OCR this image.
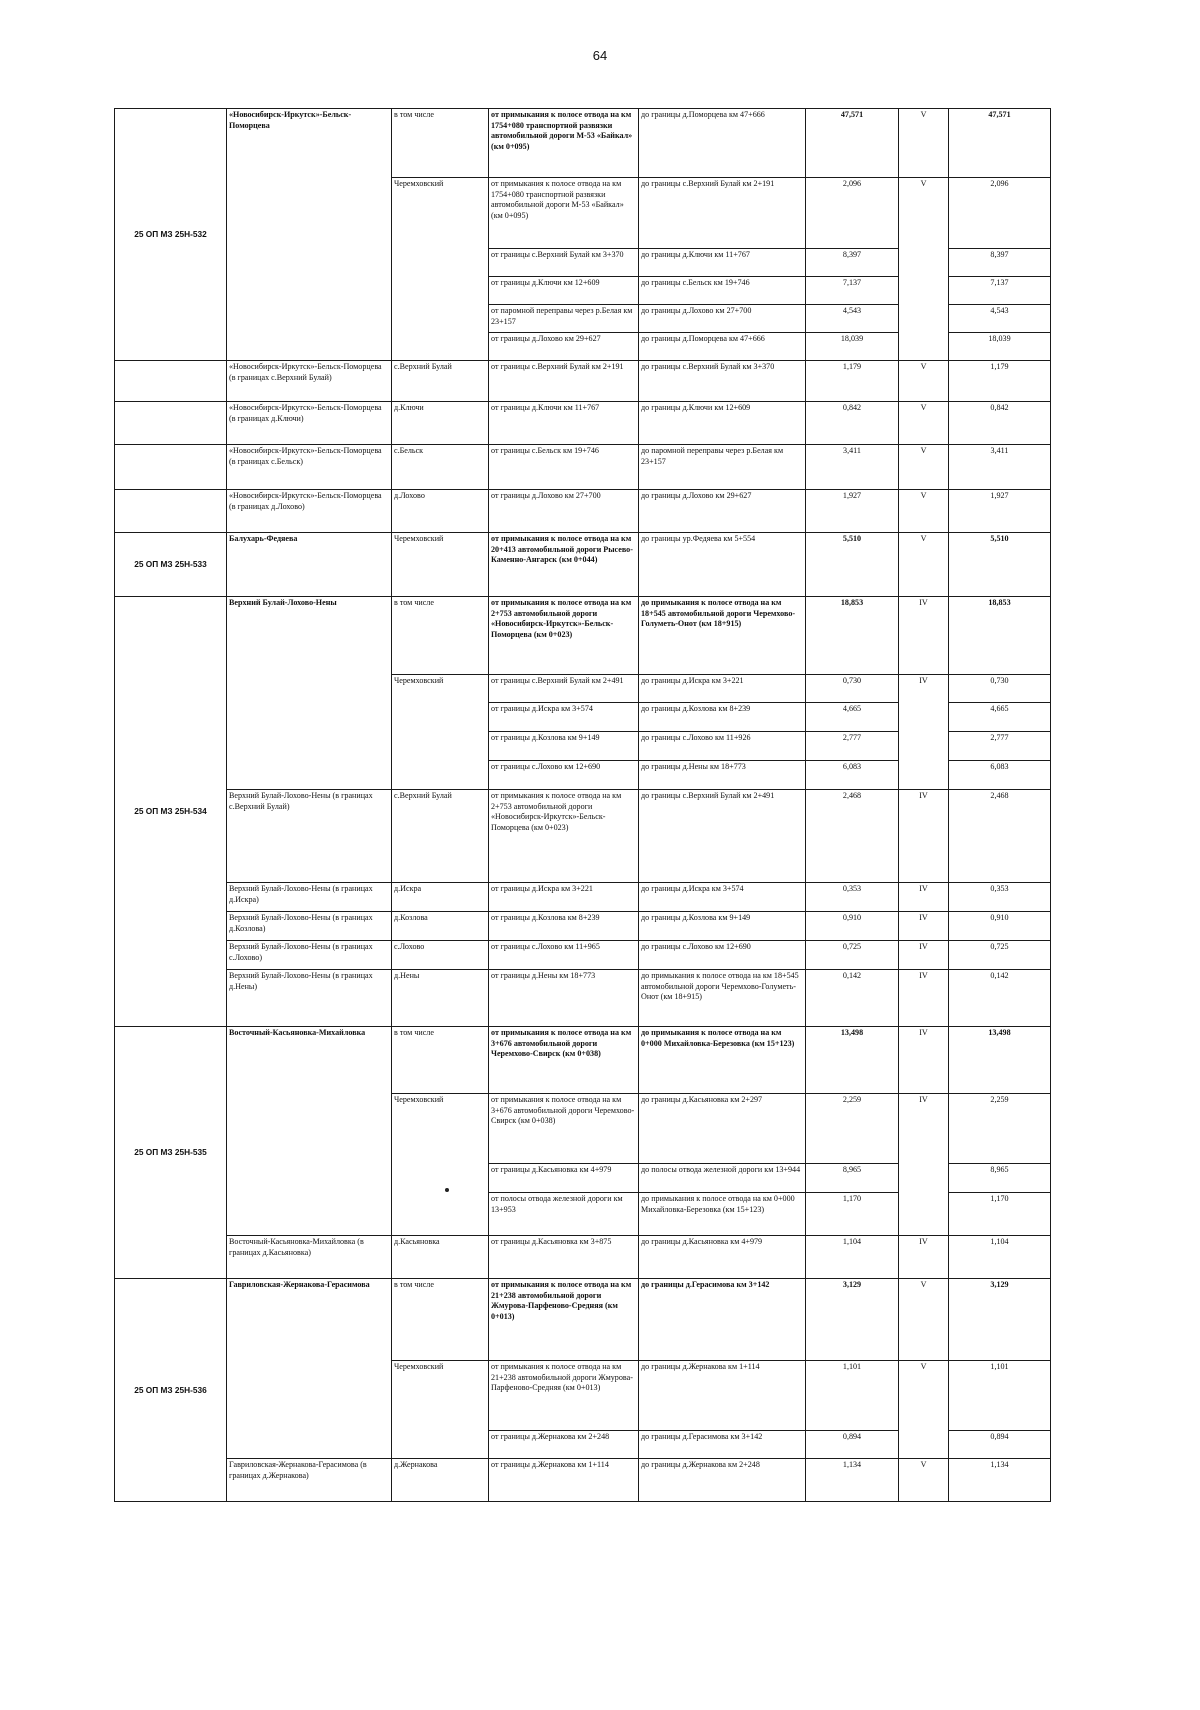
64
25 ОП МЗ 25Н-532	«Новосибирск-Иркутск»-Бельск-Поморцева	в том числе	от примыкания к полосе отвода на км 1754+080 транспортной развязки автомобильной дороги М-53 «Байкал» (км 0+095)	до границы д.Поморцева км 47+666	47,571	V	47,571
		Черемховский	от примыкания к полосе отвода на км 1754+080 транспортной развязки автомобильной дороги М-53 «Байкал» (км 0+095)	до границы с.Верхний Булай км 2+191	2,096	V	2,096
			от границы с.Верхний Булай км 3+370	до границы д.Ключи км 11+767	8,397		8,397
			от границы д.Ключи км 12+609	до границы с.Бельск км 19+746	7,137		7,137
			от паромной переправы через р.Белая км 23+157	до границы д.Лохово км 27+700	4,543		4,543
			от границы д.Лохово км 29+627	до границы д.Поморцева км 47+666	18,039		18,039
	«Новосибирск-Иркутск»-Бельск-Поморцева (в границах с.Верхний Булай)	с.Верхний Булай	от границы с.Верхний Булай км 2+191	до границы с.Верхний Булай км 3+370	1,179	V	1,179
	«Новосибирск-Иркутск»-Бельск-Поморцева (в границах д.Ключи)	д.Ключи	от границы д.Ключи км 11+767	до границы д.Ключи км 12+609	0,842	V	0,842
	«Новосибирск-Иркутск»-Бельск-Поморцева (в границах с.Бельск)	с.Бельск	от границы с.Бельск км 19+746	до паромной переправы через р.Белая км 23+157	3,411	V	3,411
	«Новосибирск-Иркутск»-Бельск-Поморцева (в границах д.Лохово)	д.Лохово	от границы д.Лохово км 27+700	до границы д.Лохово км 29+627	1,927	V	1,927
25 ОП МЗ 25Н-533	Балухарь-Федяева	Черемховский	от примыкания к полосе отвода на км 20+413 автомобильной дороги Рысево-Каменно-Ангарск (км 0+044)	до границы ур.Федяева км 5+554	5,510	V	5,510
25 ОП МЗ 25Н-534	Верхний Булай-Лохово-Нены	в том числе	от примыкания к полосе отвода на км 2+753 автомобильной дороги «Новосибирск-Иркутск»-Бельск-Поморцева (км 0+023)	до примыкания к полосе отвода на км 18+545 автомобильной дороги Черемхово-Голуметь-Онот (км 18+915)	18,853	IV	18,853
		Черемховский	от границы с.Верхний Булай км 2+491	до границы д.Искра км 3+221	0,730	IV	0,730
			от границы д.Искра км 3+574	до границы д.Козлова км 8+239	4,665		4,665
			от границы д.Козлова км 9+149	до границы с.Лохово км 11+926	2,777		2,777
			от границы с.Лохово км 12+690	до границы д.Нены км 18+773	6,083		6,083
	Верхний Булай-Лохово-Нены (в границах с.Верхний Булай)	с.Верхний Булай	от примыкания к полосе отвода на км 2+753 автомобильной дороги «Новосибирск-Иркутск»-Бельск-Поморцева (км 0+023)	до границы с.Верхний Булай км 2+491	2,468	IV	2,468
	Верхний Булай-Лохово-Нены (в границах д.Искра)	д.Искра	от границы д.Искра км 3+221	до границы д.Искра км 3+574	0,353	IV	0,353
	Верхний Булай-Лохово-Нены (в границах д.Козлова)	д.Козлова	от границы д.Козлова км 8+239	до границы д.Козлова км 9+149	0,910	IV	0,910
	Верхний Булай-Лохово-Нены (в границах с.Лохово)	с.Лохово	от границы с.Лохово км 11+965	до границы с.Лохово км 12+690	0,725	IV	0,725
	Верхний Булай-Лохово-Нены (в границах д.Нены)	д.Нены	от границы д.Нены км 18+773	до примыкания к полосе отвода на км 18+545 автомобильной дороги Черемхово-Голуметь-Онот (км 18+915)	0,142	IV	0,142
25 ОП МЗ 25Н-535	Восточный-Касьяновка-Михайловка	в том числе	от примыкания к полосе отвода на км 3+676 автомобильной дороги Черемхово-Свирск (км 0+038)	до примыкания к полосе отвода на км 0+000 Михайловка-Березовка (км 15+123)	13,498	IV	13,498
		Черемховский	от примыкания к полосе отвода на км 3+676 автомобильной дороги Черемхово-Свирск (км 0+038)	до границы д.Касьяновка км 2+297	2,259	IV	2,259
			от границы д.Касьяновка км 4+979	до полосы отвода железной дороги км 13+944	8,965		8,965
			от полосы отвода железной дороги км 13+953	до примыкания к полосе отвода на км 0+000 Михайловка-Березовка (км 15+123)	1,170		1,170
	Восточный-Касьяновка-Михайловка (в границах д.Касьяновка)	д.Касьяновка	от границы д.Касьяновка км 3+875	до границы д.Касьяновка км 4+979	1,104	IV	1,104
25 ОП МЗ 25Н-536	Гавриловская-Жернакова-Герасимова	в том числе	от примыкания к полосе отвода на км 21+238 автомобильной дороги Жмурова-Парфеново-Средняя (км 0+013)	до границы д.Герасимова км 3+142	3,129	V	3,129
		Черемховский	от примыкания к полосе отвода на км 21+238 автомобильной дороги Жмурова-Парфеново-Средняя (км 0+013)	до границы д.Жернакова км 1+114	1,101	V	1,101
			от границы д.Жернакова км 2+248	до границы д.Герасимова км 3+142	0,894		0,894
	Гавриловская-Жернакова-Герасимова (в границах д.Жернакова)	д.Жернакова	от границы д.Жернакова км 1+114	до границы д.Жернакова км 2+248	1,134	V	1,134
